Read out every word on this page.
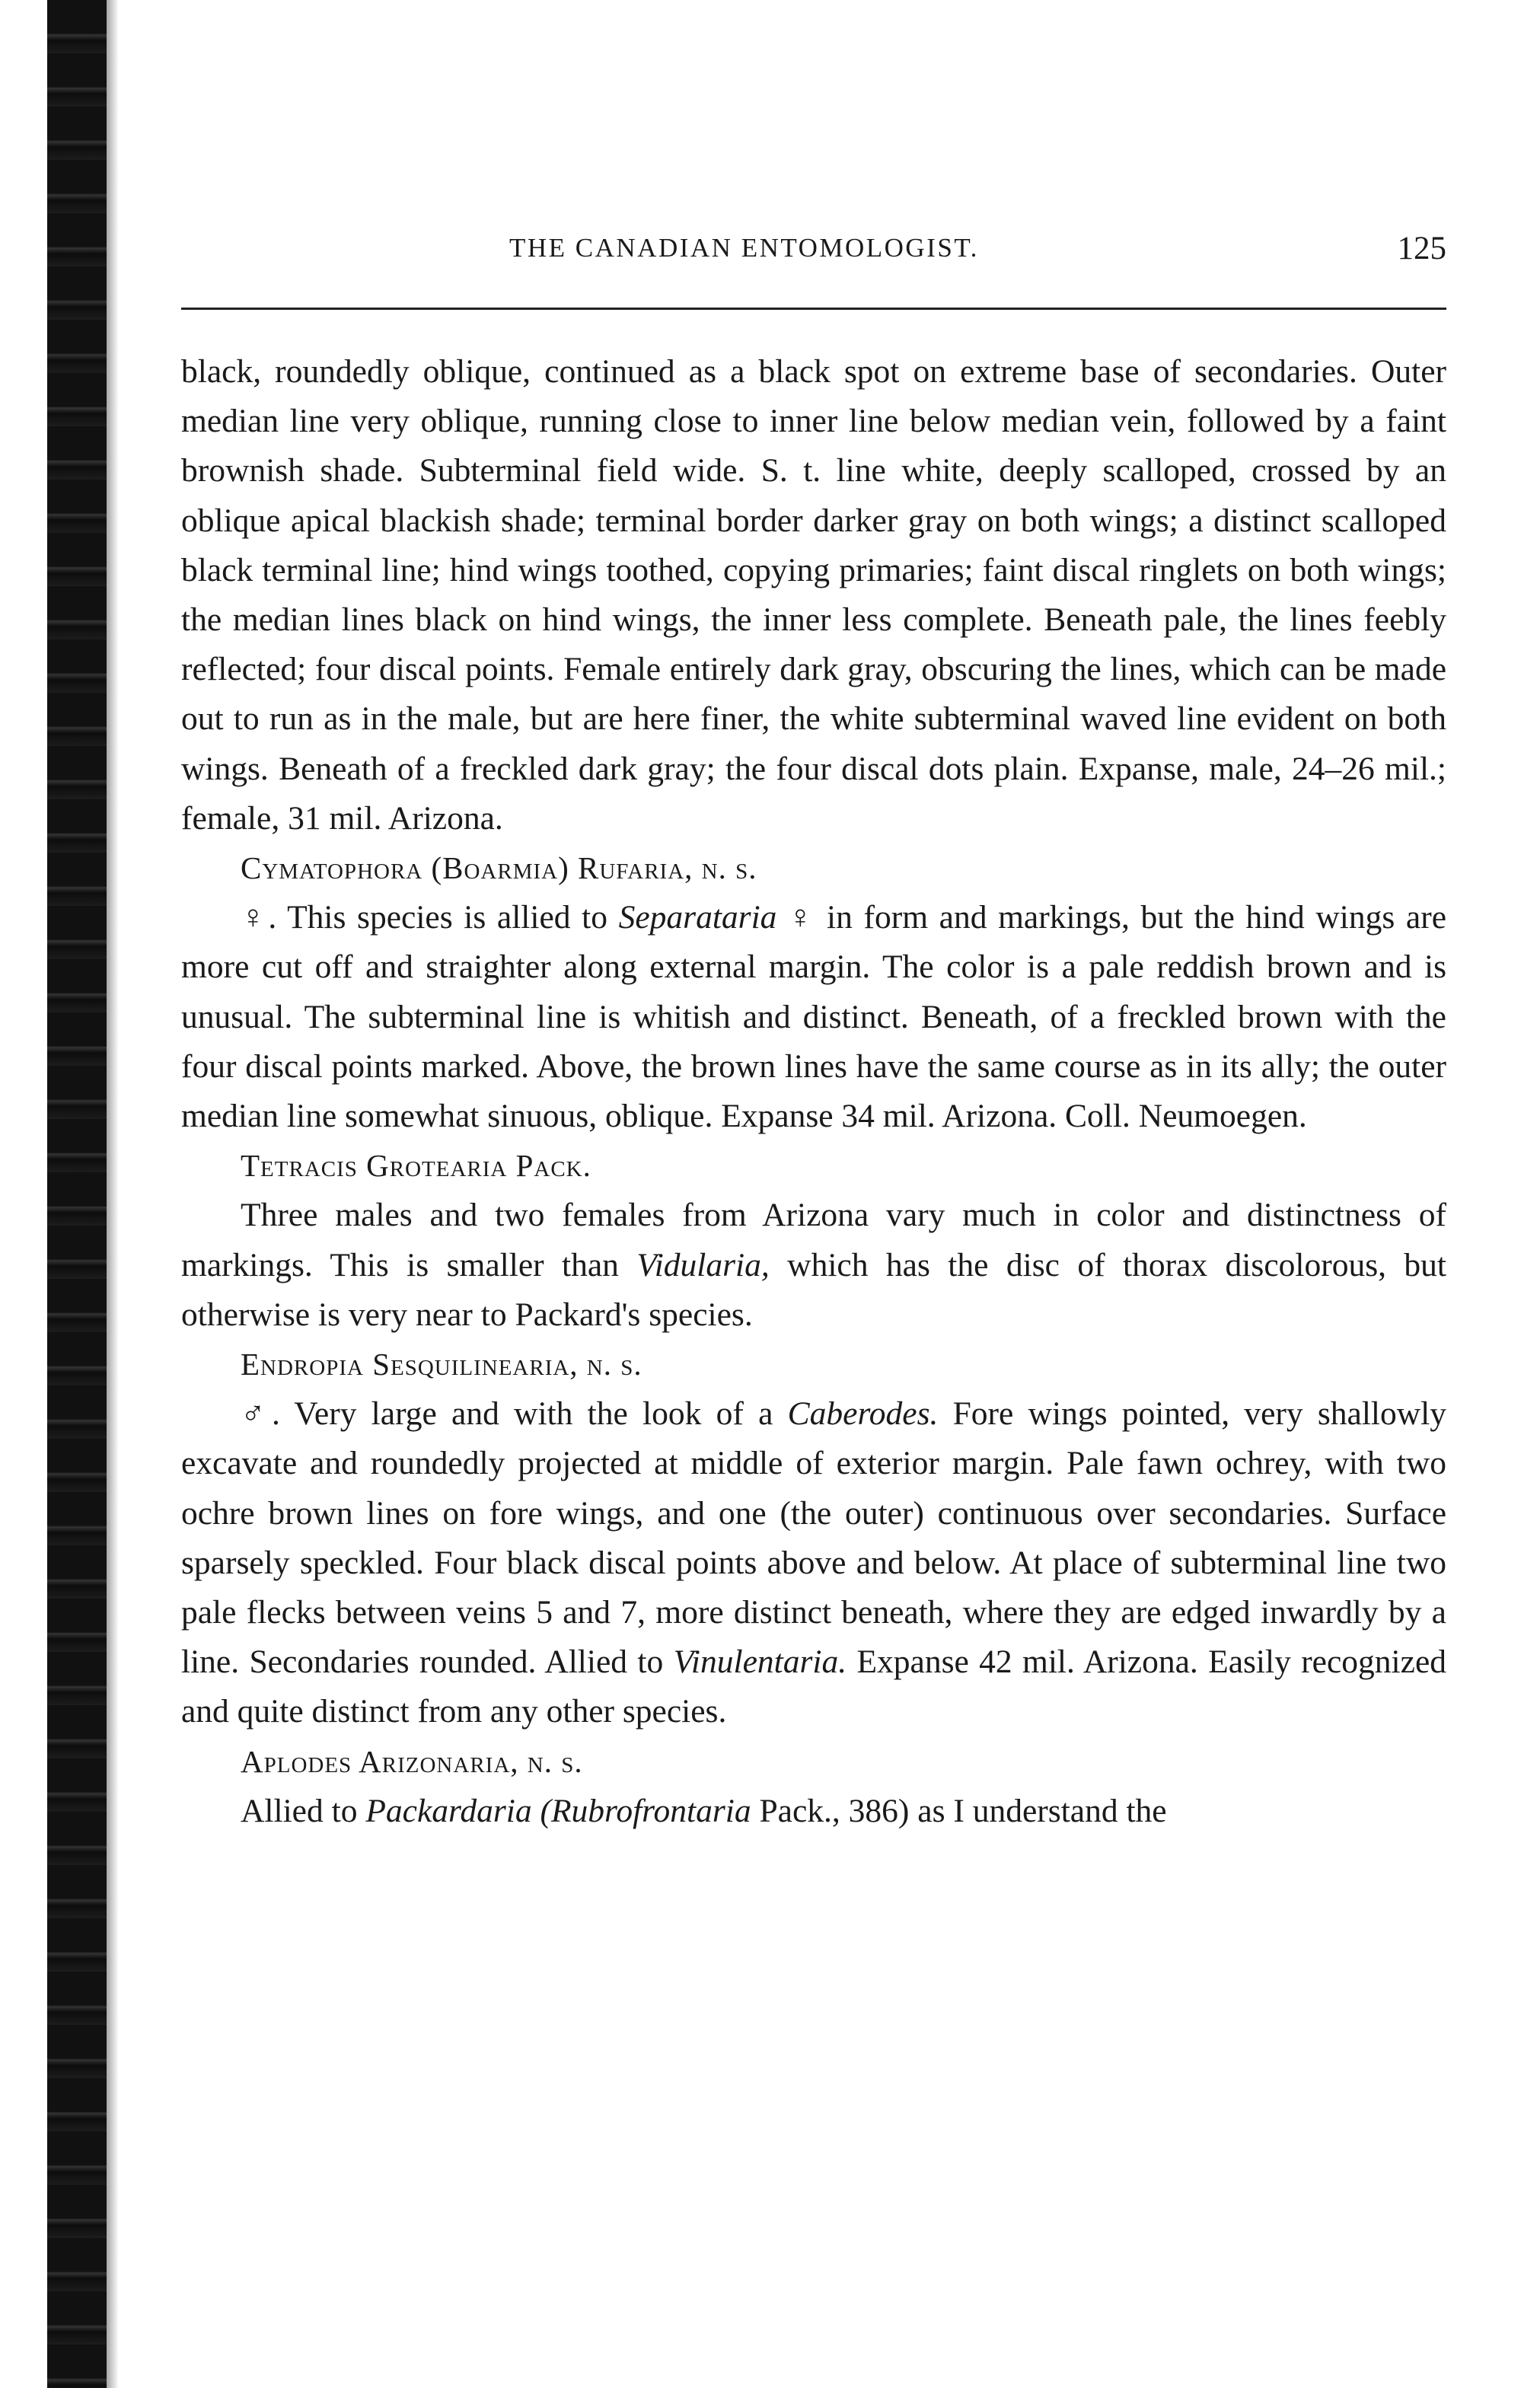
THE CANADIAN ENTOMOLOGIST.	125

black, roundedly oblique, continued as a black spot on extreme base of secondaries. Outer median line very oblique, running close to inner line below median vein, followed by a faint brownish shade. Subterminal field wide. S. t. line white, deeply scalloped, crossed by an oblique apical blackish shade; terminal border darker gray on both wings; a distinct scalloped black terminal line; hind wings toothed, copying primaries; faint discal ringlets on both wings; the median lines black on hind wings, the inner less complete. Beneath pale, the lines feebly reflected; four discal points. Female entirely dark gray, obscuring the lines, which can be made out to run as in the male, but are here finer, the white subterminal waved line evident on both wings. Beneath of a freckled dark gray; the four discal dots plain. Expanse, male, 24–26 mil.; female, 31 mil. Arizona.

Cymatophora (Boarmia) Rufaria, n. s.

♀. This species is allied to Separataria ♀ in form and markings, but the hind wings are more cut off and straighter along external margin. The color is a pale reddish brown and is unusual. The subterminal line is whitish and distinct. Beneath, of a freckled brown with the four discal points marked. Above, the brown lines have the same course as in its ally; the outer median line somewhat sinuous, oblique. Expanse 34 mil. Arizona. Coll. Neumoegen.

Tetracis Grotearia Pack.

Three males and two females from Arizona vary much in color and distinctness of markings. This is smaller than Vidularia, which has the disc of thorax discolorous, but otherwise is very near to Packard's species.

Endropia Sesquilinearia, n. s.

♂. Very large and with the look of a Caberodes. Fore wings pointed, very shallowly excavate and roundedly projected at middle of exterior margin. Pale fawn ochrey, with two ochre brown lines on fore wings, and one (the outer) continuous over secondaries. Surface sparsely speckled. Four black discal points above and below. At place of subterminal line two pale flecks between veins 5 and 7, more distinct beneath, where they are edged inwardly by a line. Secondaries rounded. Allied to Vinulentaria. Expanse 42 mil. Arizona. Easily recognized and quite distinct from any other species.

Aplodes Arizonaria, n. s.

Allied to Packardaria (Rubrofrontaria Pack., 386) as I understand the
